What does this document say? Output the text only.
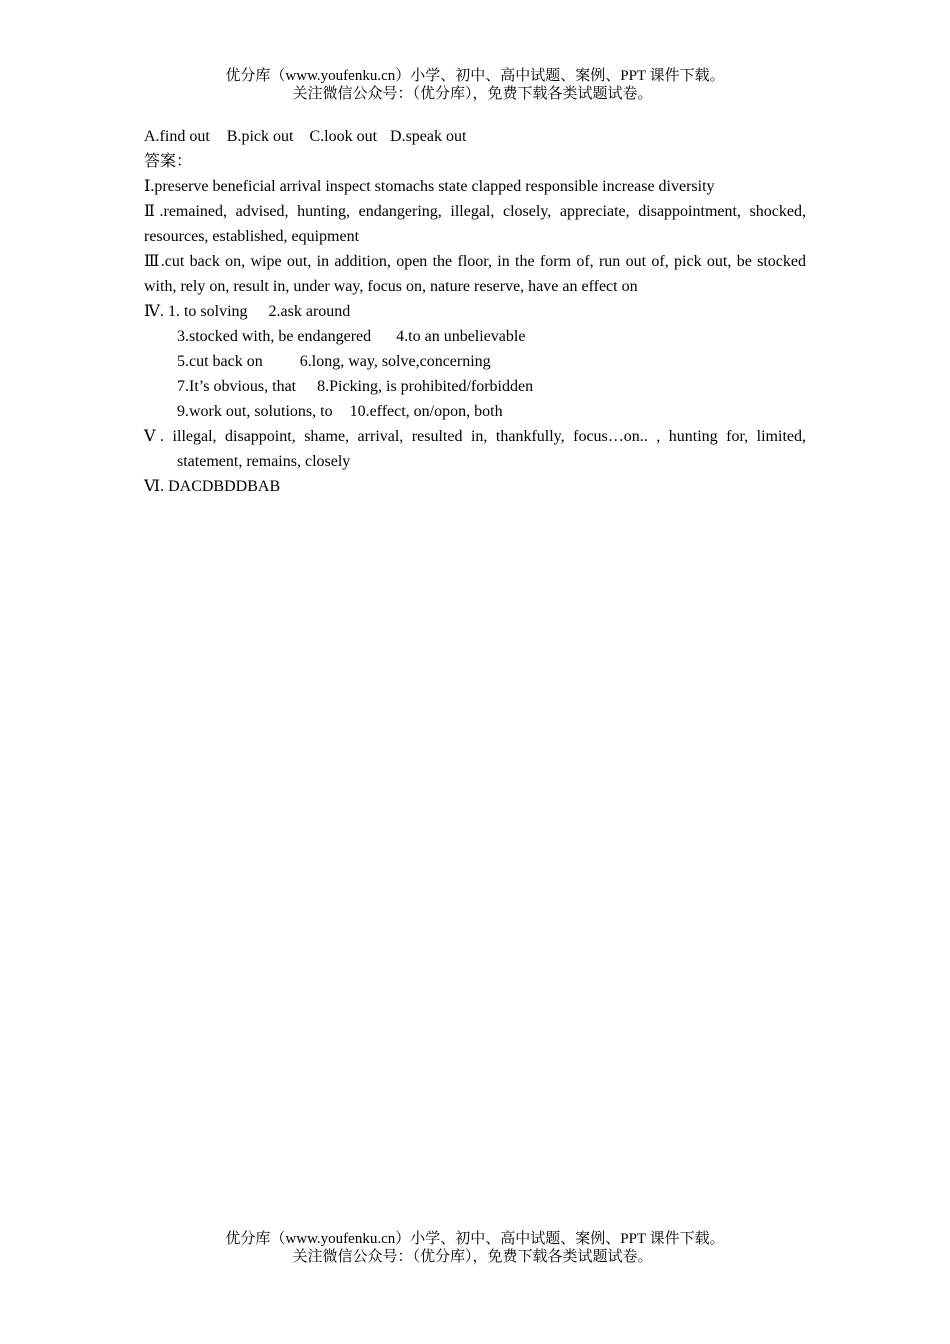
优分库（www.youfenku.cn）小学、初中、高中试题、案例、PPT 课件下载。
关注微信公众号：（优分库），免费下载各类试题试卷。
A.find out B.pick out C.look out D.speak out
答案：
Ⅰ.preserve beneficial arrival inspect stomachs state clapped responsible increase diversity
Ⅱ.remained, advised, hunting, endangering, illegal, closely, appreciate, disappointment, shocked, resources, established, equipment
Ⅲ.cut back on, wipe out, in addition, open the floor, in the form of, run out of, pick out, be stocked with, rely on, result in, under way, focus on, nature reserve, have an effect on
Ⅳ. 1. to solving 2.ask around
3.stocked with, be endangered 4.to an unbelievable
5.cut back on 6.long, way, solve,concerning
7.It’s obvious, that 8.Picking, is prohibited/forbidden
9.work out, solutions, to 10.effect, on/opon, both
Ⅴ. illegal, disappoint, shame, arrival, resulted in, thankfully, focus…on.. , hunting for, limited, statement, remains, closely
Ⅵ. DACDBDDBAB
优分库（www.youfenku.cn）小学、初中、高中试题、案例、PPT 课件下载。
关注微信公众号：（优分库），免费下载各类试题试卷。
